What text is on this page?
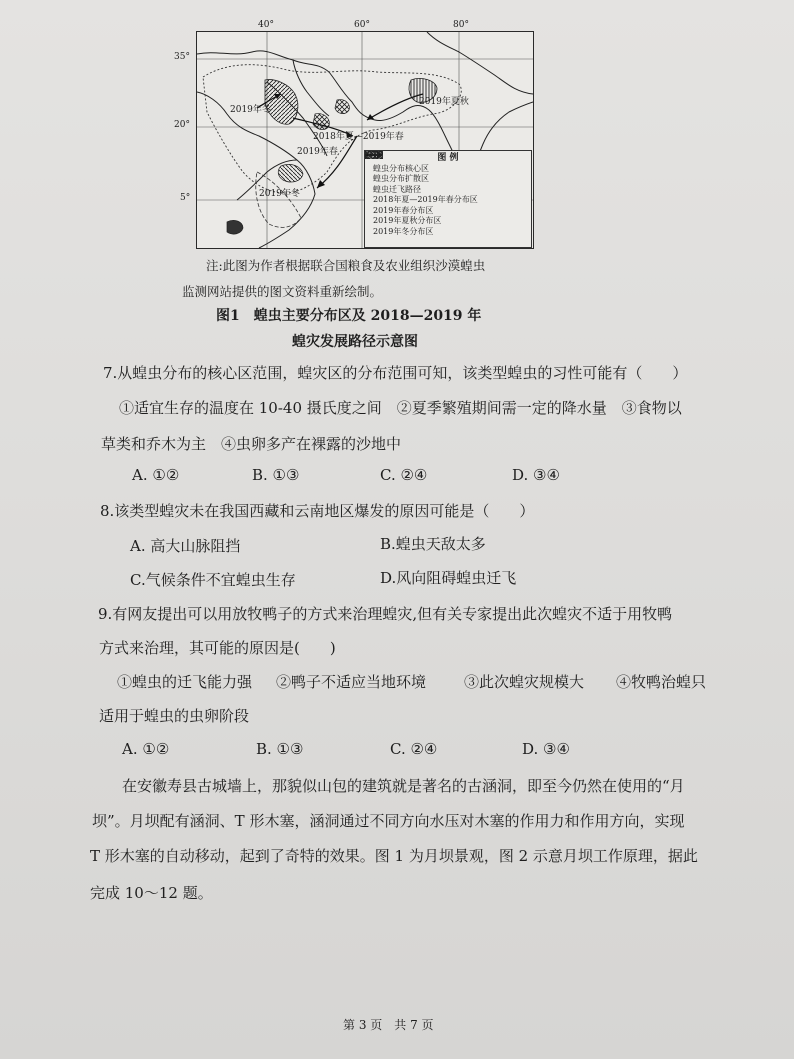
2019年冬
2019年夏秋
2018年夏—2019年春
2019年春
2019年冬
图 例
蝗虫分布核心区
蝗虫分布扩散区
蝗虫迁飞路径
2018年夏—2019年春分布区
2019年春分布区
2019年夏秋分布区
2019年冬分布区
40°	60°	80°
35°
20°
5°
注:此图为作者根据联合国粮食及农业组织沙漠蝗虫
监测网站提供的图文资料重新绘制。
图1　蝗虫主要分布区及 2018—2019 年
蝗灾发展路径示意图
7.从蝗虫分布的核心区范围，蝗灾区的分布范围可知，该类型蝗虫的习性可能有（　　）
①适宜生存的温度在 10-40 摄氏度之间　②夏季繁殖期间需一定的降水量　③食物以
草类和乔木为主　④虫卵多产在裸露的沙地中
A. ①②	B. ①③	C. ②④	D. ③④
8.该类型蝗灾未在我国西藏和云南地区爆发的原因可能是（　　）
A. 高大山脉阻挡	B.蝗虫天敌太多
C.气候条件不宜蝗虫生存	D.风向阻碍蝗虫迁飞
9.有网友提出可以用放牧鸭子的方式来治理蝗灾,但有关专家提出此次蝗灾不适于用牧鸭
方式来治理，其可能的原因是(　　)
①蝗虫的迁飞能力强 ②鸭子不适应当地环境	③此次蝗灾规模大 ④牧鸭治蝗只
适用于蝗虫的虫卵阶段
A. ①②	B. ①③	C. ②④	D. ③④
在安徽寿县古城墙上，那貌似山包的建筑就是著名的古涵洞，即至今仍然在使用的“月
坝”。月坝配有涵洞、T 形木塞，涵洞通过不同方向水压对木塞的作用力和作用方向，实现
T 形木塞的自动移动，起到了奇特的效果。图 1 为月坝景观，图 2 示意月坝工作原理，据此
完成 10～12 题。
第 3 页　共 7 页
